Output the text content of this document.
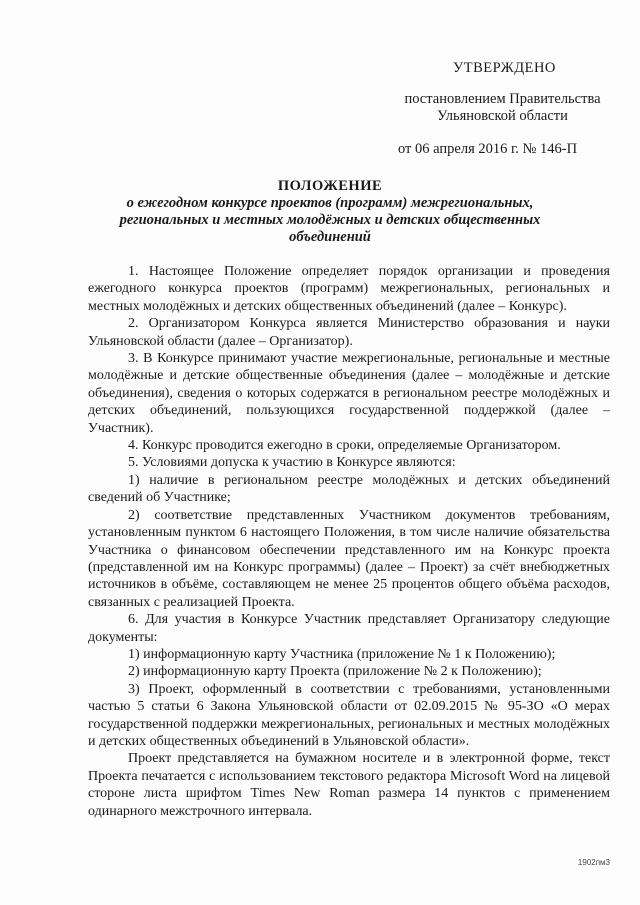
УТВЕРЖДЕНО
постановлением Правительства
Ульяновской области
от 06 апреля 2016 г. № 146-П
ПОЛОЖЕНИЕ
о ежегодном конкурсе проектов (программ) межрегиональных, региональных и местных молодёжных и детских общественных объединений

1. Настоящее Положение определяет порядок организации и проведения ежегодного конкурса проектов (программ) межрегиональных, региональных и местных молодёжных и детских общественных объединений (далее – Конкурс).

2. Организатором Конкурса является Министерство образования и науки Ульяновской области (далее – Организатор).

3. В Конкурсе принимают участие межрегиональные, региональные и местные молодёжные и детские общественные объединения (далее – молодёжные и детские объединения), сведения о которых содержатся в региональном реестре молодёжных и детских объединений, пользующихся государственной поддержкой (далее – Участник).

4. Конкурс проводится ежегодно в сроки, определяемые Организатором.

5. Условиями допуска к участию в Конкурсе являются:

1) наличие в региональном реестре молодёжных и детских объединений сведений об Участнике;

2) соответствие представленных Участником документов требованиям, установленным пунктом 6 настоящего Положения, в том числе наличие обязательства Участника о финансовом обеспечении представленного им на Конкурс проекта (представленной им на Конкурс программы) (далее – Проект) за счёт внебюджетных источников в объёме, составляющем не менее 25 процентов общего объёма расходов, связанных с реализацией Проекта.

6. Для участия в Конкурсе Участник представляет Организатору следующие документы:

1) информационную карту Участника (приложение № 1 к Положению);

2) информационную карту Проекта (приложение № 2 к Положению);

3) Проект, оформленный в соответствии с требованиями, установленными частью 5 статьи 6 Закона Ульяновской области от 02.09.2015 № 95-ЗО «О мерах государственной поддержки межрегиональных, региональных и местных молодёжных и детских общественных объединений в Ульяновской области».

Проект представляется на бумажном носителе и в электронной форме, текст Проекта печатается с использованием текстового редактора Microsoft Word на лицевой стороне листа шрифтом Times New Roman размера 14 пунктов с применением одинарного межстрочного интервала.

1902пм3
